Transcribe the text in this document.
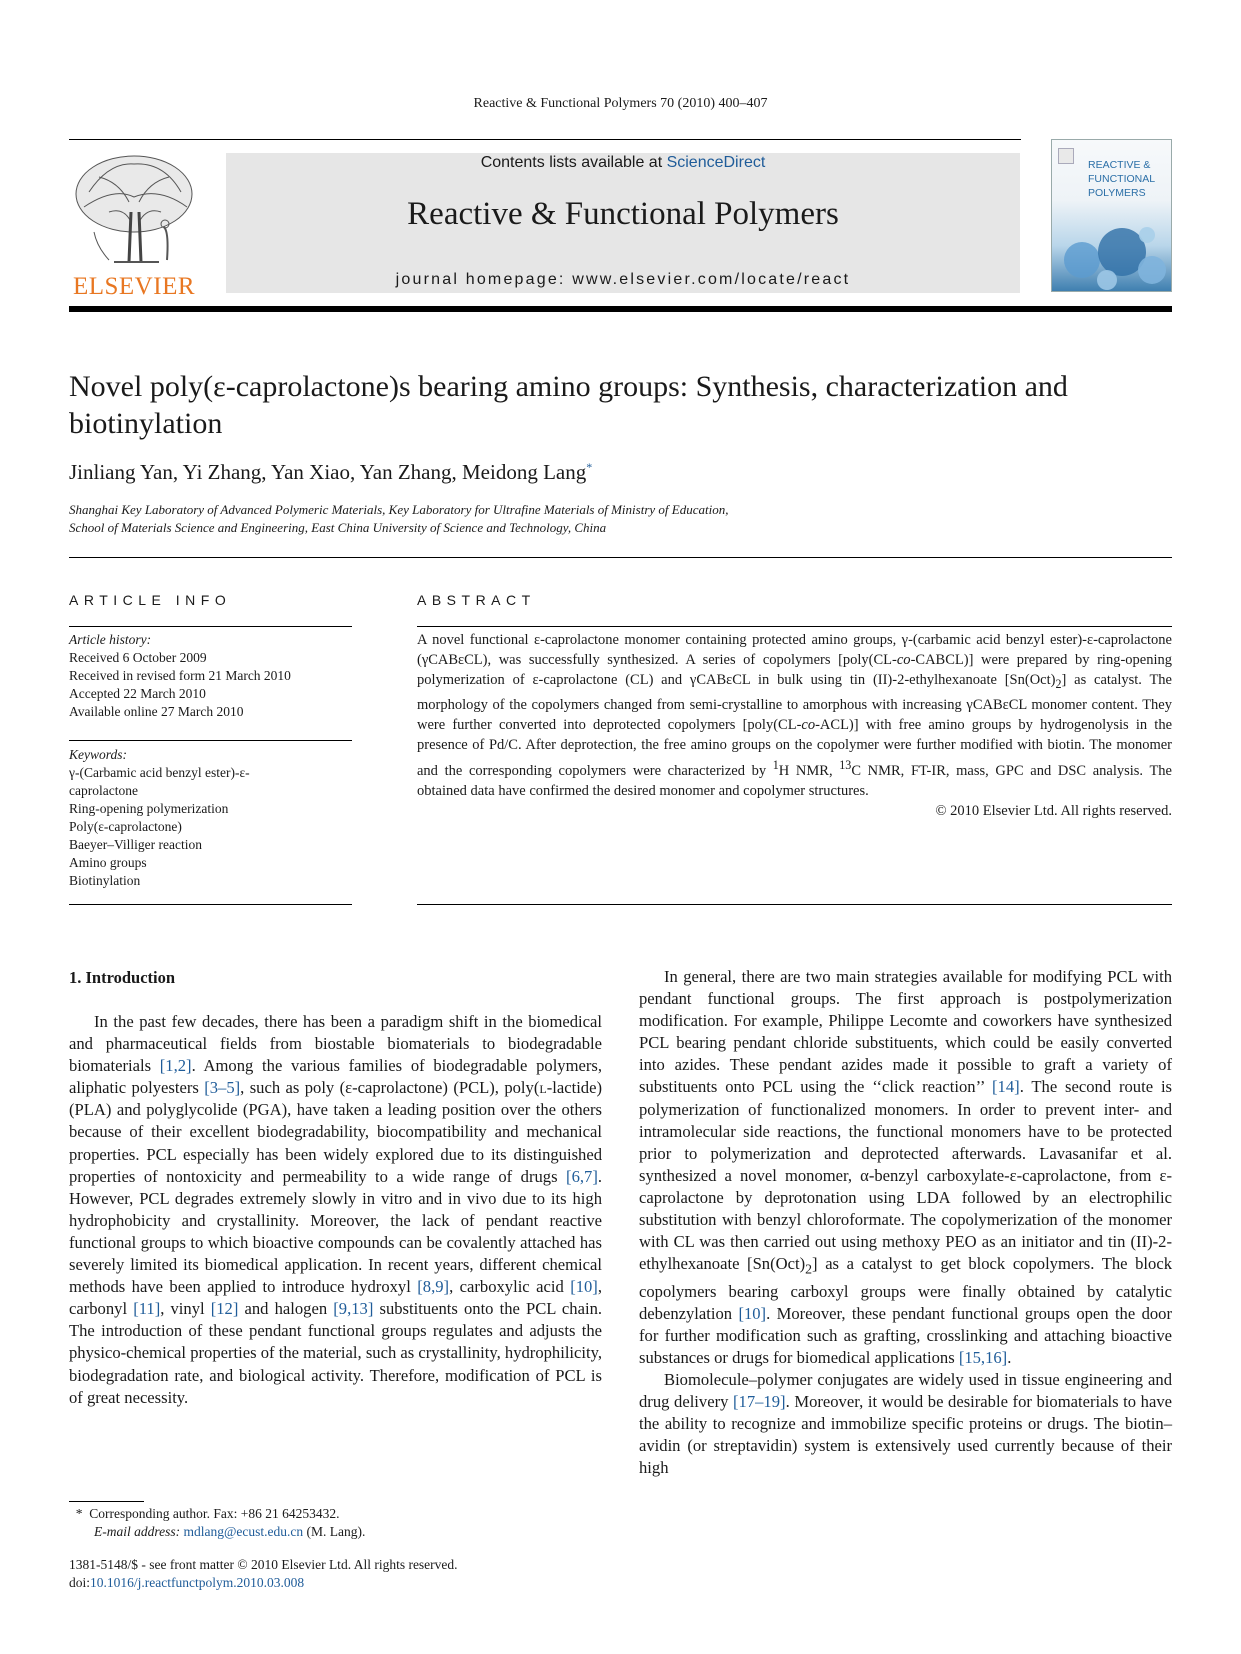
Reactive & Functional Polymers 70 (2010) 400–407
ELSEVIER
Contents lists available at ScienceDirect
Reactive & Functional Polymers
journal homepage: www.elsevier.com/locate/react
REACTIVE &
FUNCTIONAL
POLYMERS
Novel poly(ε-caprolactone)s bearing amino groups: Synthesis, characterization and biotinylation
Jinliang Yan, Yi Zhang, Yan Xiao, Yan Zhang, Meidong Lang*
Shanghai Key Laboratory of Advanced Polymeric Materials, Key Laboratory for Ultrafine Materials of Ministry of Education,
School of Materials Science and Engineering, East China University of Science and Technology, China
ARTICLE INFO	ABSTRACT
Article history:
Received 6 October 2009
Received in revised form 21 March 2010
Accepted 22 March 2010
Available online 27 March 2010
Keywords:
γ-(Carbamic acid benzyl ester)-ε-caprolactone
Ring-opening polymerization
Poly(ε-caprolactone)
Baeyer–Villiger reaction
Amino groups
Biotinylation
A novel functional ε-caprolactone monomer containing protected amino groups, γ-(carbamic acid benzyl ester)-ε-caprolactone (γCABεCL), was successfully synthesized. A series of copolymers [poly(CL-co-CABCL)] were prepared by ring-opening polymerization of ε-caprolactone (CL) and γCABεCL in bulk using tin (II)-2-ethylhexanoate $[Sn(Oct)_2]$ as catalyst. The morphology of the copolymers changed from semi-crystalline to amorphous with increasing γCABεCL monomer content. They were further converted into deprotected copolymers [poly(CL-co-ACL)] with free amino groups by hydrogenolysis in the presence of Pd/C. After deprotection, the free amino groups on the copolymer were further modified with biotin. The monomer and the corresponding copolymers were characterized by $^1$H NMR, $^{13}$C NMR, FT-IR, mass, GPC and DSC analysis. The obtained data have confirmed the desired monomer and copolymer structures.
© 2010 Elsevier Ltd. All rights reserved.
1. Introduction

In the past few decades, there has been a paradigm shift in the biomedical and pharmaceutical fields from biostable biomaterials to biodegradable biomaterials [1,2]. Among the various families of biodegradable polymers, aliphatic polyesters [3–5], such as poly (ε-caprolactone) (PCL), poly(l-lactide) (PLA) and polyglycolide (PGA), have taken a leading position over the others because of their excellent biodegradability, biocompatibility and mechanical properties. PCL especially has been widely explored due to its distinguished properties of nontoxicity and permeability to a wide range of drugs [6,7]. However, PCL degrades extremely slowly in vitro and in vivo due to its high hydrophobicity and crystallinity. Moreover, the lack of pendant reactive functional groups to which bioactive compounds can be covalently attached has severely limited its biomedical application. In recent years, different chemical methods have been applied to introduce hydroxyl [8,9], carboxylic acid [10], carbonyl [11], vinyl [12] and halogen [9,13] substituents onto the PCL chain. The introduction of these pendant functional groups regulates and adjusts the physico-chemical properties of the material, such as crystallinity, hydrophilicity, biodegradation rate, and biological activity. Therefore, modification of PCL is of great necessity.

In general, there are two main strategies available for modifying PCL with pendant functional groups. The first approach is postpolymerization modification. For example, Philippe Lecomte and coworkers have synthesized PCL bearing pendant chloride substituents, which could be easily converted into azides. These pendant azides made it possible to graft a variety of substituents onto PCL using the ‘‘click reaction’’ [14]. The second route is polymerization of functionalized monomers. In order to prevent inter- and intramolecular side reactions, the functional monomers have to be protected prior to polymerization and deprotected afterwards. Lavasanifar et al. synthesized a novel monomer, α-benzyl carboxylate-ε-caprolactone, from ε-caprolactone by deprotonation using LDA followed by an electrophilic substitution with benzyl chloroformate. The copolymerization of the monomer with CL was then carried out using methoxy PEO as an initiator and tin (II)-2-ethylhexanoate $[Sn(Oct)_2]$ as a catalyst to get block copolymers. The block copolymers bearing carboxyl groups were finally obtained by catalytic debenzylation [10]. Moreover, these pendant functional groups open the door for further modification such as grafting, crosslinking and attaching bioactive substances or drugs for biomedical applications [15,16].

Biomolecule–polymer conjugates are widely used in tissue engineering and drug delivery [17–19]. Moreover, it would be desirable for biomaterials to have the ability to recognize and immobilize specific proteins or drugs. The biotin–avidin (or streptavidin) system is extensively used currently because of their high

* Corresponding author. Fax: +86 21 64253432.
E-mail address: mdlang@ecust.edu.cn (M. Lang).
1381-5148/$ - see front matter © 2010 Elsevier Ltd. All rights reserved.
doi:10.1016/j.reactfunctpolym.2010.03.008
